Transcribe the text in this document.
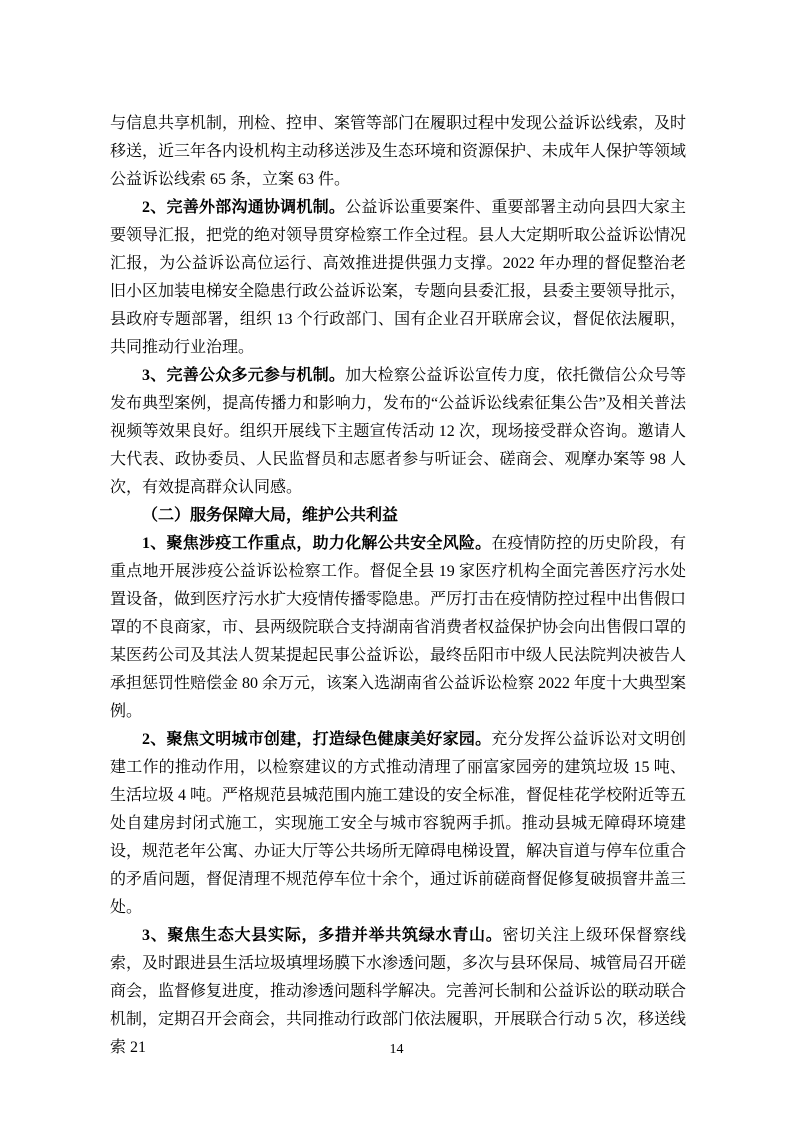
与信息共享机制，刑检、控申、案管等部门在履职过程中发现公益诉讼线索，及时移送，近三年各内设机构主动移送涉及生态环境和资源保护、未成年人保护等领域公益诉讼线索 65 条，立案 63 件。

2、完善外部沟通协调机制。公益诉讼重要案件、重要部署主动向县四大家主要领导汇报，把党的绝对领导贯穿检察工作全过程。县人大定期听取公益诉讼情况汇报，为公益诉讼高位运行、高效推进提供强力支撑。2022 年办理的督促整治老旧小区加装电梯安全隐患行政公益诉讼案，专题向县委汇报，县委主要领导批示，县政府专题部署，组织 13 个行政部门、国有企业召开联席会议，督促依法履职，共同推动行业治理。

3、完善公众多元参与机制。加大检察公益诉讼宣传力度，依托微信公众号等发布典型案例，提高传播力和影响力，发布的“公益诉讼线索征集公告”及相关普法视频等效果良好。组织开展线下主题宣传活动 12 次，现场接受群众咨询。邀请人大代表、政协委员、人民监督员和志愿者参与听证会、磋商会、观摩办案等 98 人次，有效提高群众认同感。

（二）服务保障大局，维护公共利益

1、聚焦涉疫工作重点，助力化解公共安全风险。在疫情防控的历史阶段，有重点地开展涉疫公益诉讼检察工作。督促全县 19 家医疗机构全面完善医疗污水处置设备，做到医疗污水扩大疫情传播零隐患。严厉打击在疫情防控过程中出售假口罩的不良商家，市、县两级院联合支持湖南省消费者权益保护协会向出售假口罩的某医药公司及其法人贺某提起民事公益诉讼，最终岳阳市中级人民法院判决被告人承担惩罚性赔偿金 80 余万元，该案入选湖南省公益诉讼检察 2022 年度十大典型案例。

2、聚焦文明城市创建，打造绿色健康美好家园。充分发挥公益诉讼对文明创建工作的推动作用，以检察建议的方式推动清理了丽富家园旁的建筑垃圾 15 吨、生活垃圾 4 吨。严格规范县城范围内施工建设的安全标准，督促桂花学校附近等五处自建房封闭式施工，实现施工安全与城市容貌两手抓。推动县城无障碍环境建设，规范老年公寓、办证大厅等公共场所无障碍电梯设置，解决盲道与停车位重合的矛盾问题，督促清理不规范停车位十余个，通过诉前磋商督促修复破损窨井盖三处。

3、聚焦生态大县实际，多措并举共筑绿水青山。密切关注上级环保督察线索，及时跟进县生活垃圾填埋场膜下水渗透问题，多次与县环保局、城管局召开磋商会，监督修复进度，推动渗透问题科学解决。完善河长制和公益诉讼的联动联合机制，定期召开会商会，共同推动行政部门依法履职，开展联合行动 5 次，移送线索 21	14
